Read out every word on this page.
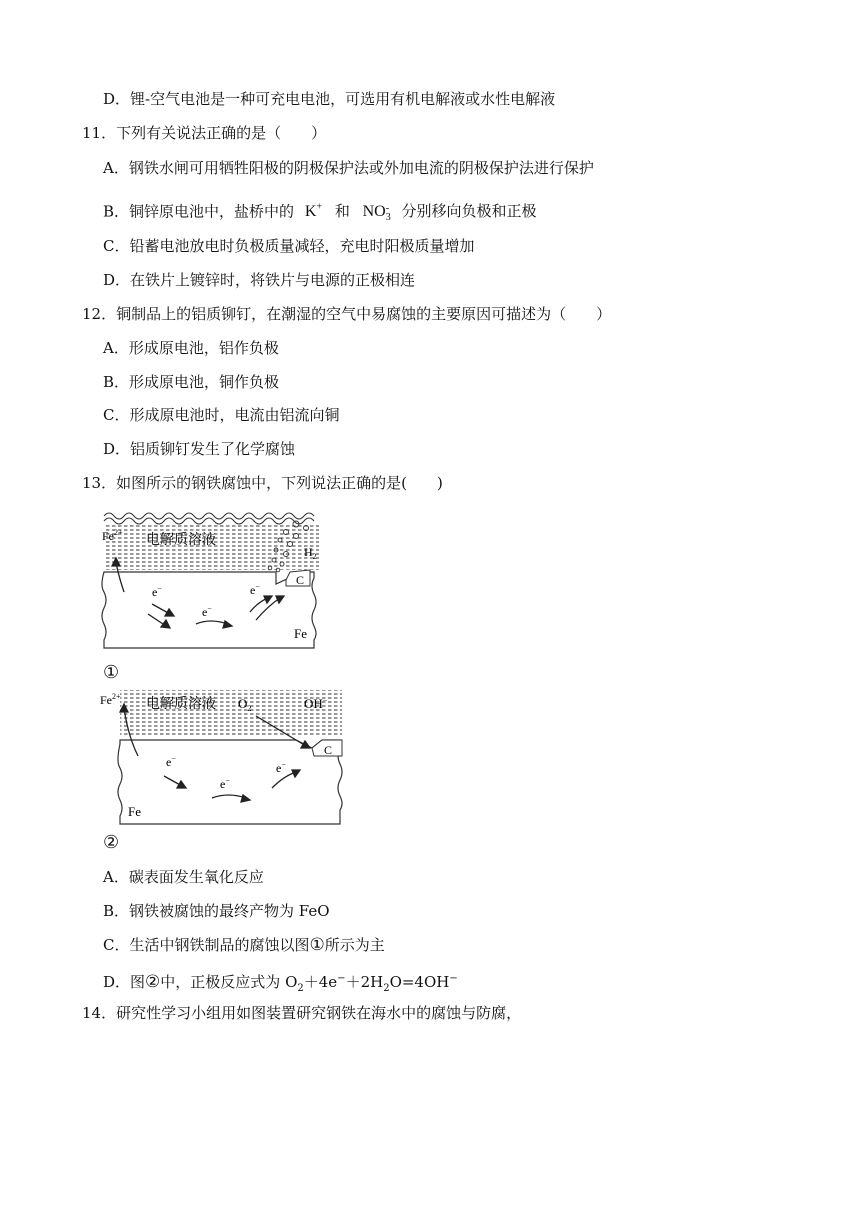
D．锂-空气电池是一种可充电电池，可选用有机电解液或水性电解液
11．下列有关说法正确的是（　　）
A．钢铁水闸可用牺牲阳极的阴极保护法或外加电流的阴极保护法进行保护
B．铜锌原电池中，盐桥中的 K+ 和 NO -
3 分别移向负极和正极
C．铅蓄电池放电时负极质量减轻，充电时阳极质量增加
D．在铁片上镀锌时，将铁片与电源的正极相连
12．铜制品上的铝质铆钉，在潮湿的空气中易腐蚀的主要原因可描述为（　　）
A．形成原电池，铝作负极
B．形成原电池，铜作负极
C．形成原电池时，电流由铝流向铜
D．铝质铆钉发生了化学腐蚀
13．如图所示的钢铁腐蚀中，下列说法正确的是(　　)
C
$Fe^{2+}$
电解质溶液
$H_2$
Fe
e−
e−
e−
①
C
$Fe^{2+}$
电解质溶液 $O_2$	OH−
Fe
e−
e−
e−
②
A．碳表面发生氧化反应
B．钢铁被腐蚀的最终产物为 FeO
C．生活中钢铁制品的腐蚀以图①所示为主
D．图②中，正极反应式为 $O_2+4e^-+2H_2O=4OH^-$
14．研究性学习小组用如图装置研究钢铁在海水中的腐蚀与防腐，
